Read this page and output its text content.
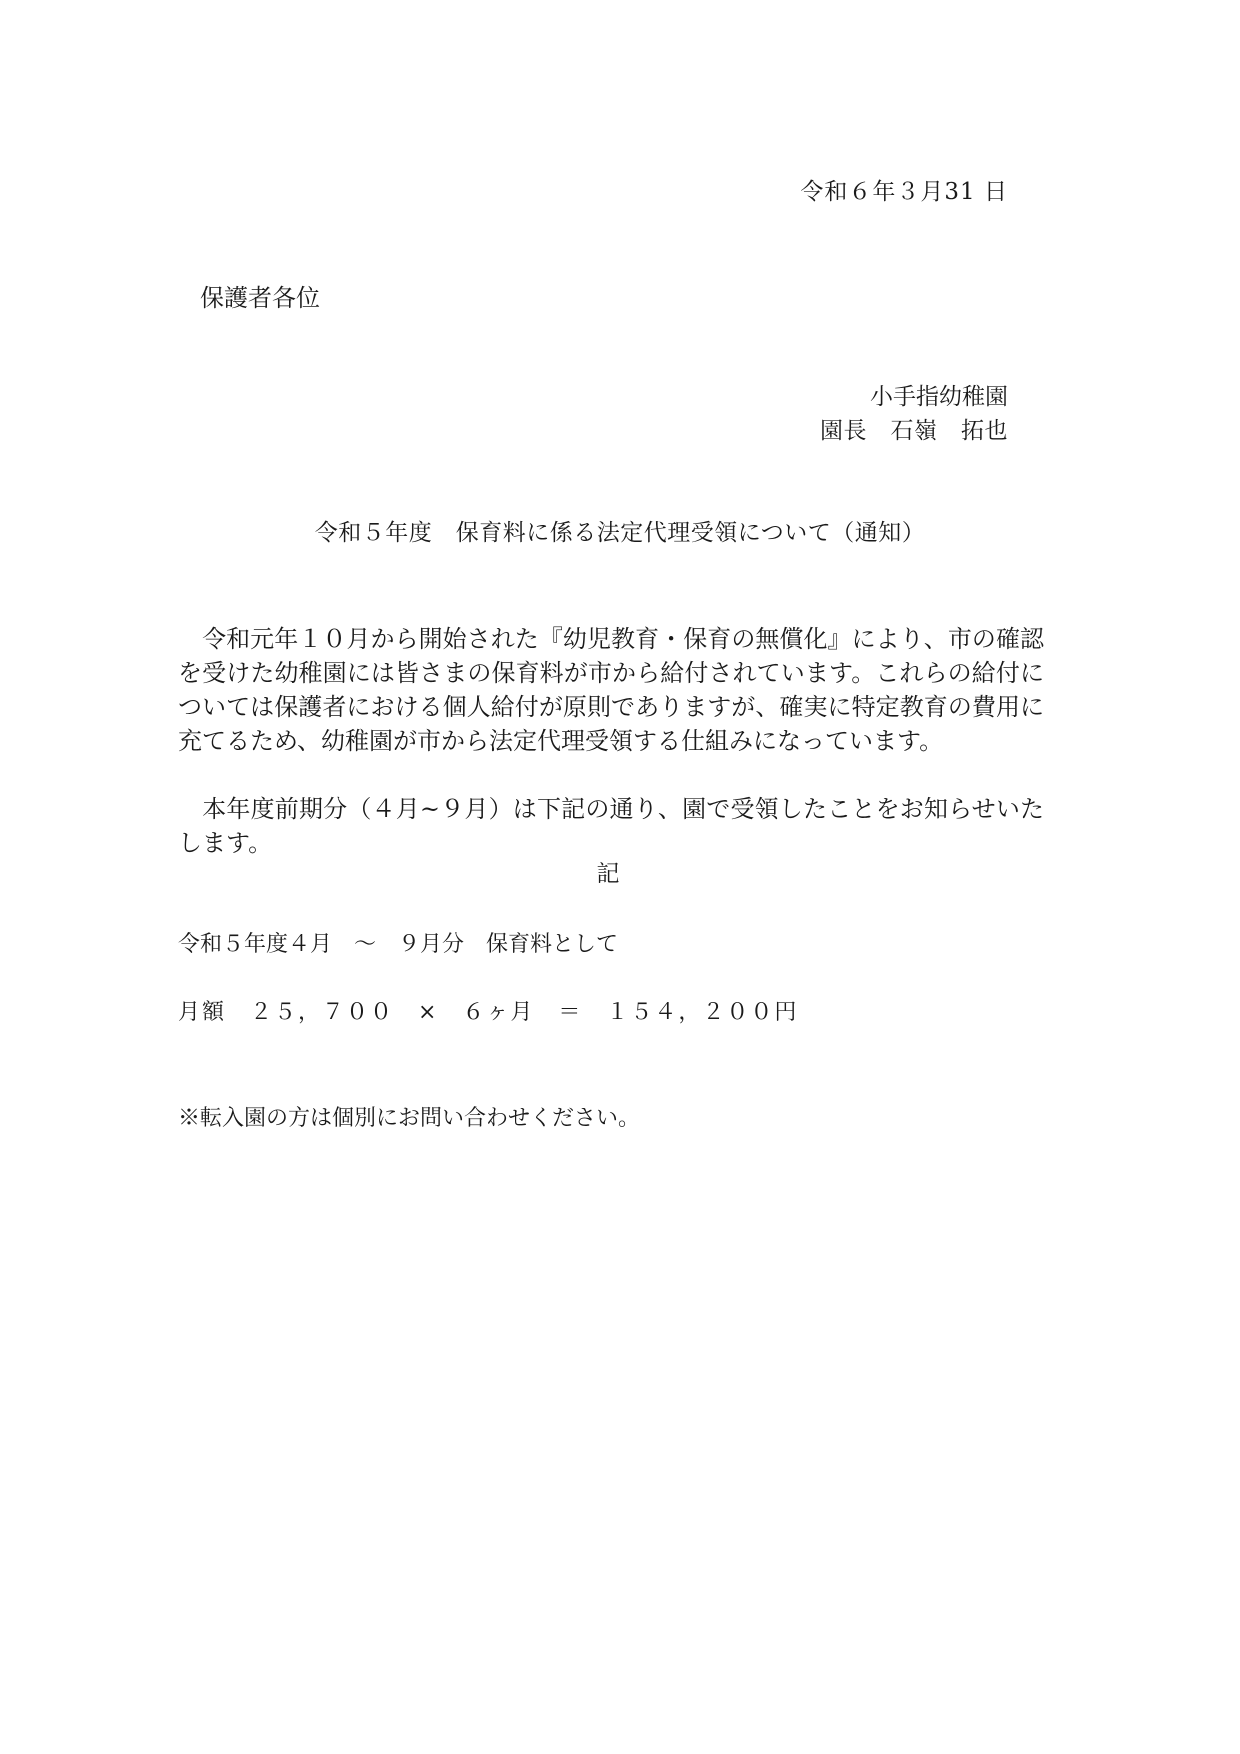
令和６年３月31 日
保護者各位
小手指幼稚園
園長　石嶺　拓也
令和５年度　保育料に係る法定代理受領について（通知）
　令和元年１０月から開始された『幼児教育・保育の無償化』により、市の確認を受けた幼稚園には皆さまの保育料が市から給付されています。これらの給付については保護者における個人給付が原則でありますが、確実に特定教育の費用に充てるため、幼稚園が市から法定代理受領する仕組みになっています。
　本年度前期分（４月~９月）は下記の通り、園で受領したことをお知らせいたします。
記
令和５年度４月　～　９月分　保育料として
月額　２５，７００　×　６ヶ月　＝　１５４，２００円
※転入園の方は個別にお問い合わせください。
